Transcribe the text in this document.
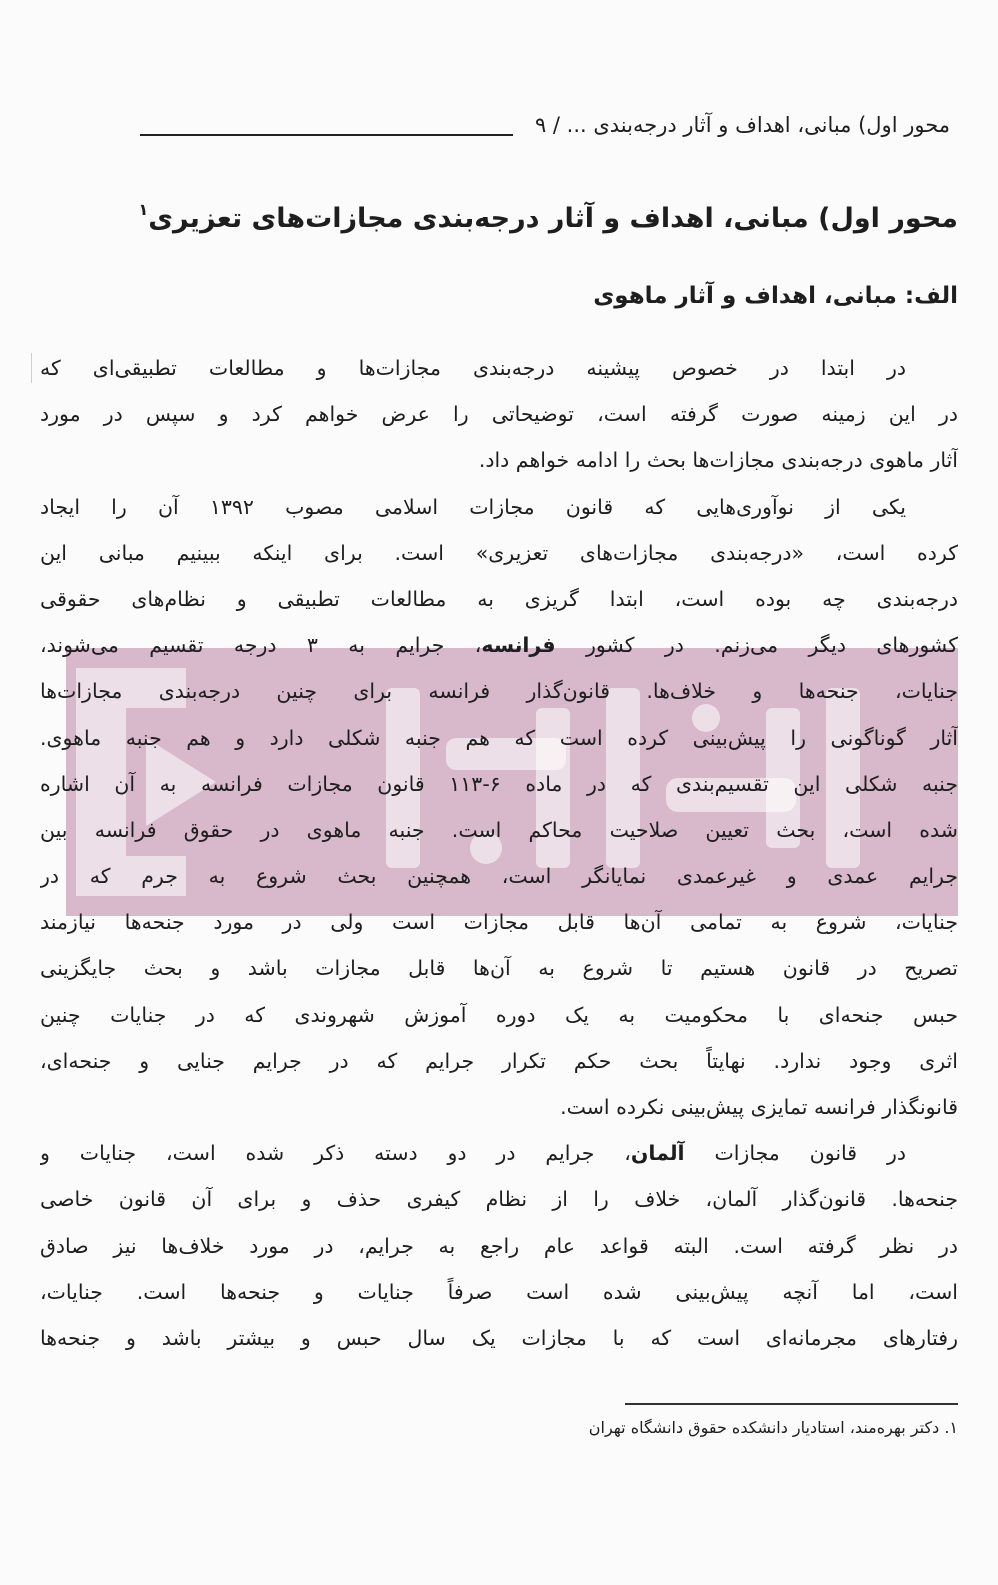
محور اول) مبانی، اهداف و آثار درجه‌بندی ... / ۹
محور اول) مبانی، اهداف و آثار درجه‌بندی مجازات‌های تعزیری$^۱$
الف: مبانی، اهداف و آثار ماهوی
در ابتدا در خصوص پیشینه درجه‌بندی مجازات‌ها و مطالعات تطبیقی‌ای که
در این زمینه صورت گرفته است، توضیحاتی را عرض خواهم کرد و سپس در مورد
آثار ماهوی درجه‌بندی مجازات‌ها بحث را ادامه خواهم داد.
یکی از نوآوری‌هایی که قانون مجازات اسلامی مصوب ۱۳۹۲ آن را ایجاد
کرده است، «درجه‌بندی مجازات‌های تعزیری» است. برای اینکه ببینیم مبانی این
درجه‌بندی چه بوده است، ابتدا گریزی به مطالعات تطبیقی و نظام‌های حقوقی
کشورهای دیگر می‌زنم. در کشور فرانسه، جرایم به ۳ درجه تقسیم می‌شوند،
جنایات، جنحه‌ها و خلاف‌ها. قانون‌گذار فرانسه برای چنین درجه‌بندی مجازات‌ها
آثار گوناگونی را پیش‌بینی کرده است که هم جنبه شکلی دارد و هم جنبه ماهوی.
جنبه شکلی این تقسیم‌بندی که در ماده ۶-۱۱۳ قانون مجازات فرانسه به آن اشاره
شده است، بحث تعیین صلاحیت محاکم است. جنبه ماهوی در حقوق فرانسه بین
جرایم عمدی و غیرعمدی نمایانگر است، همچنین بحث شروع به جرم که در
جنایات، شروع به تمامی آن‌ها قابل مجازات است ولی در مورد جنحه‌ها نیازمند
تصریح در قانون هستیم تا شروع به آن‌ها قابل مجازات باشد و بحث جایگزینی
حبس جنحه‌ای با محکومیت به یک دوره آموزش شهروندی که در جنایات چنین
اثری وجود ندارد. نهایتاً بحث حکم تکرار جرایم که در جرایم جنایی و جنحه‌ای،
قانونگذار فرانسه تمایزی پیش‌بینی نکرده است.
در قانون مجازات آلمان، جرایم در دو دسته ذکر شده است، جنایات و
جنحه‌ها. قانون‌گذار آلمان، خلاف را از نظام کیفری حذف و برای آن قانون خاصی
در نظر گرفته است. البته قواعد عام راجع به جرایم، در مورد خلاف‌ها نیز صادق
است، اما آنچه پیش‌بینی شده است صرفاً جنایات و جنحه‌ها است. جنایات،
رفتارهای مجرمانه‌ای است که با مجازات یک سال حبس و بیشتر باشد و جنحه‌ها
۱. دکتر بهره‌مند، استادیار دانشکده حقوق دانشگاه تهران
